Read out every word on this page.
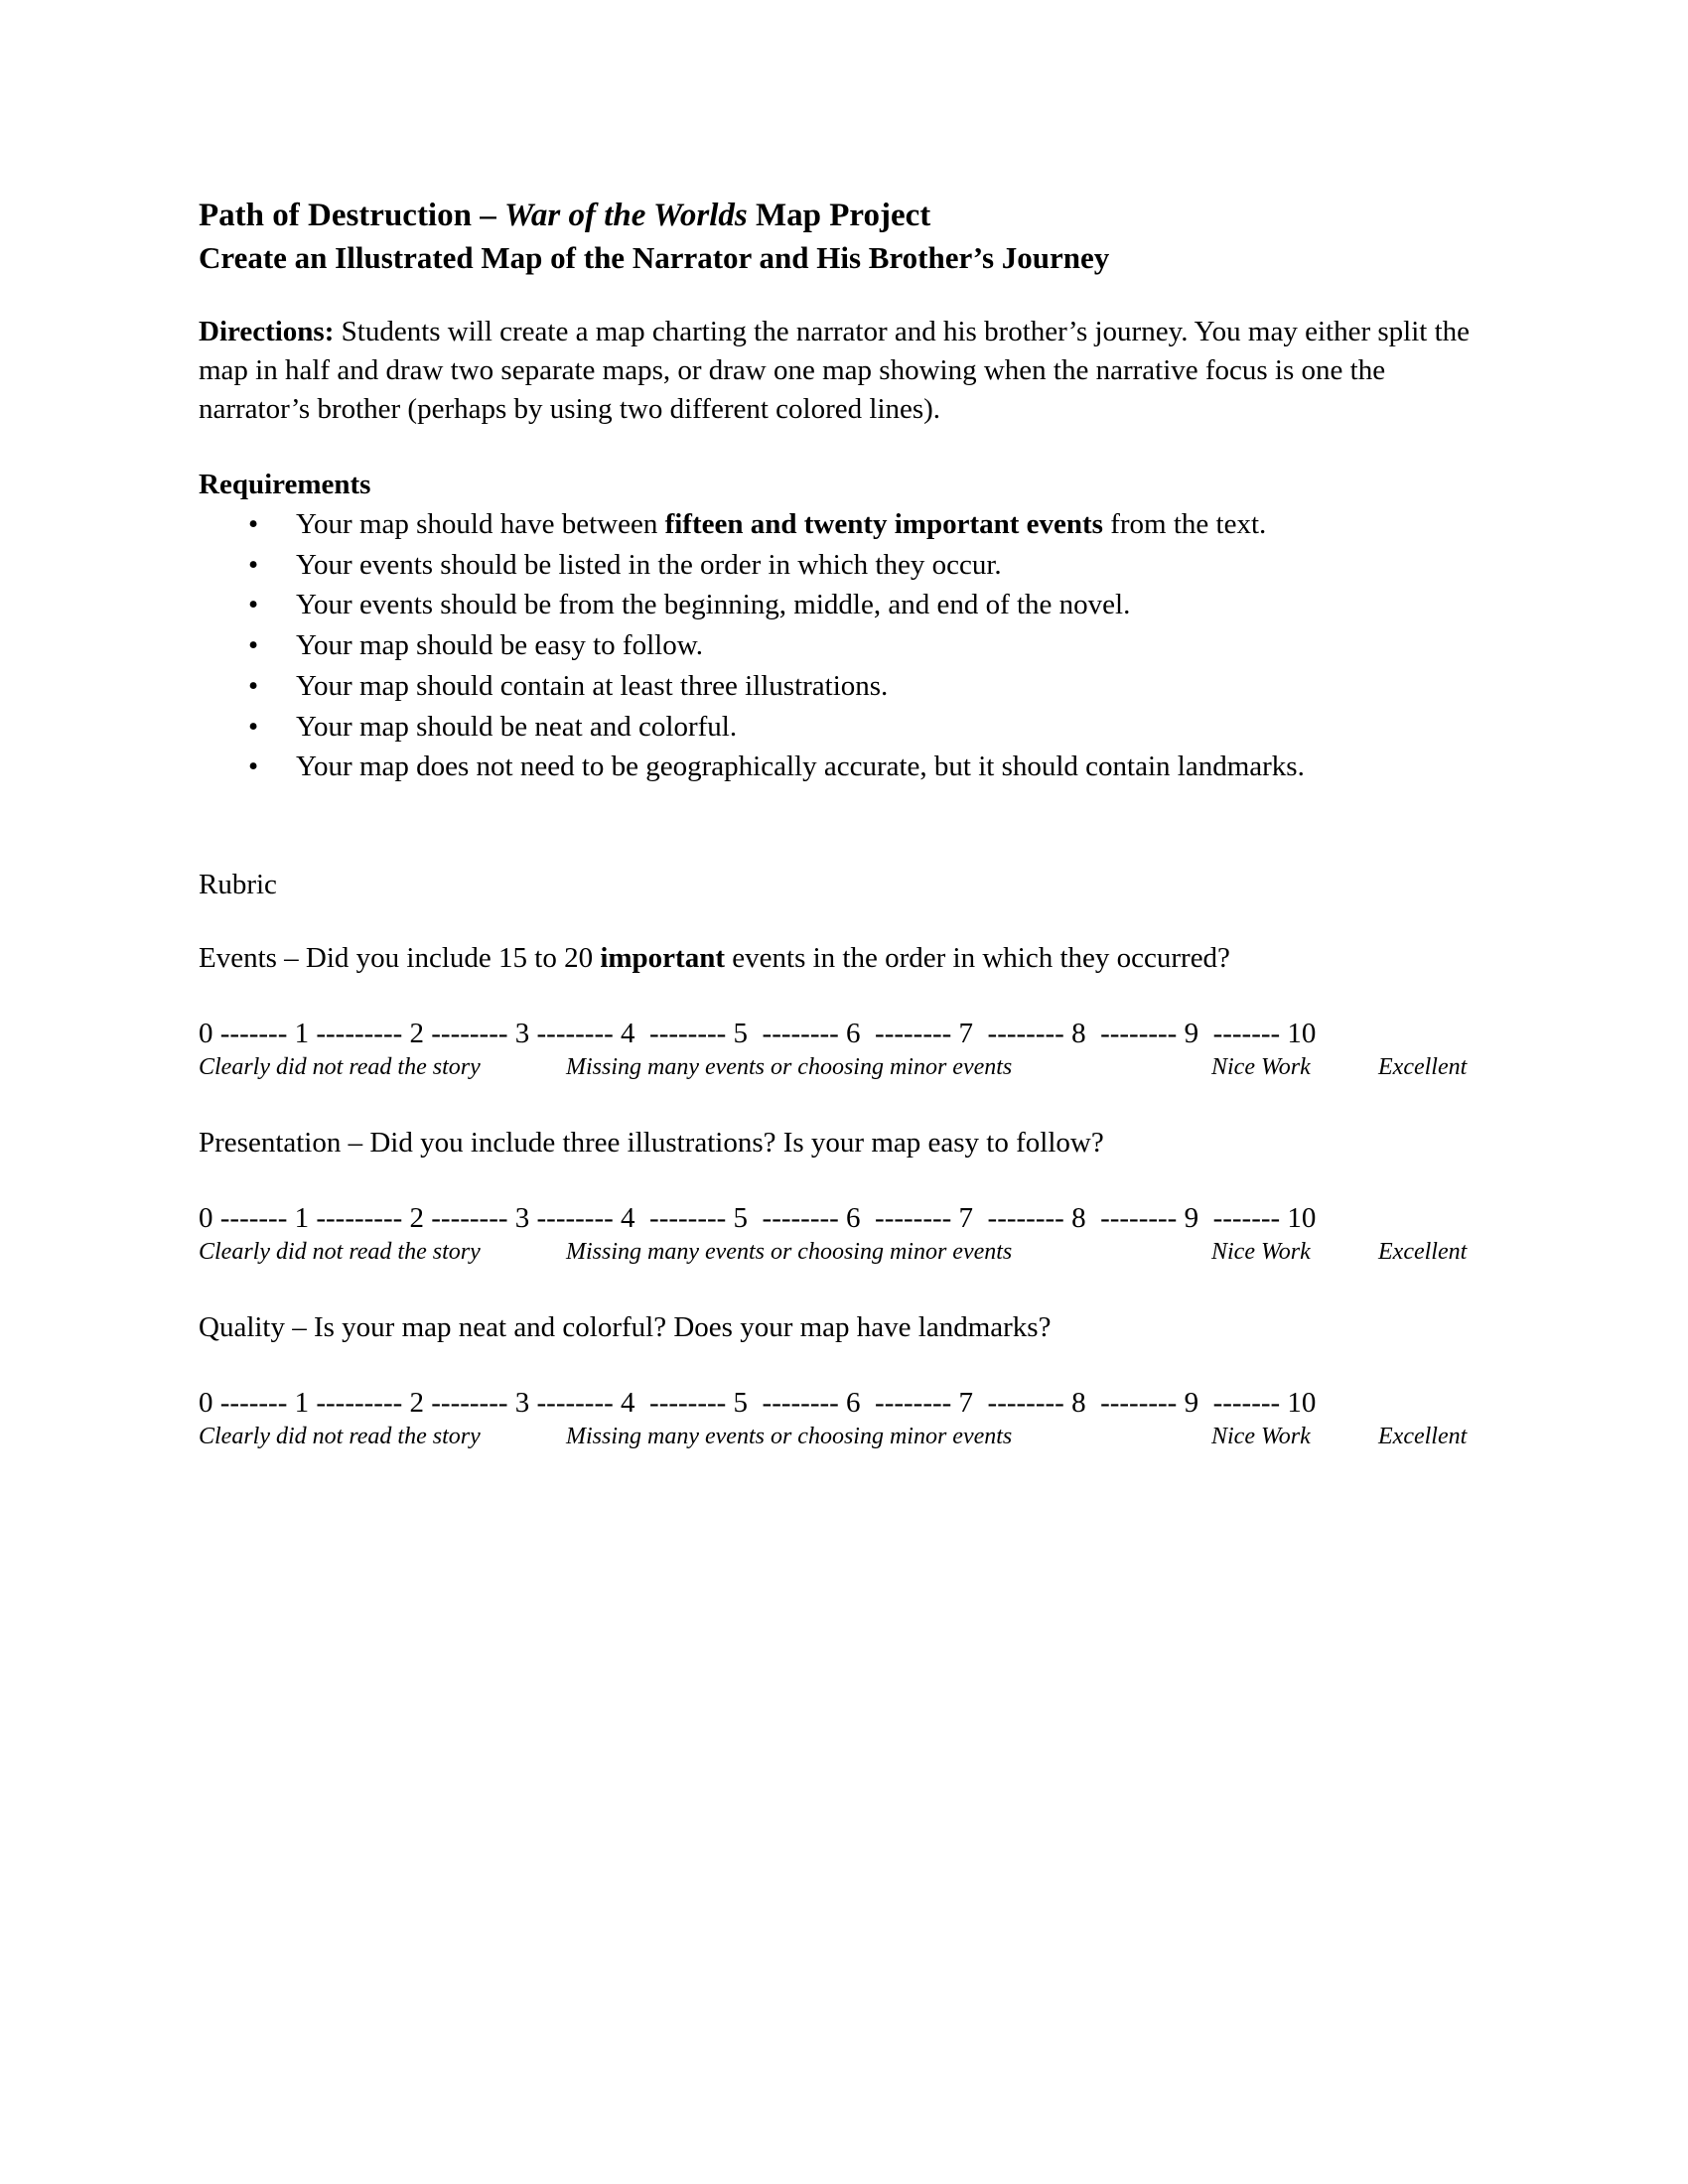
Path of Destruction – War of the Worlds Map Project
Create an Illustrated Map of the Narrator and His Brother’s Journey
Directions: Students will create a map charting the narrator and his brother’s journey. You may either split the map in half and draw two separate maps, or draw one map showing when the narrative focus is one the narrator’s brother (perhaps by using two different colored lines).
Requirements
• Your map should have between fifteen and twenty important events from the text.
• Your events should be listed in the order in which they occur.
• Your events should be from the beginning, middle, and end of the novel.
• Your map should be easy to follow.
• Your map should contain at least three illustrations.
• Your map should be neat and colorful.
• Your map does not need to be geographically accurate, but it should contain landmarks.
Rubric
Events – Did you include 15 to 20 important events in the order in which they occurred?
0 ------- 1 --------- 2 -------- 3 -------- 4  -------- 5  -------- 6  -------- 7  -------- 8  -------- 9  ------- 10
Clearly did not read the story	Missing many events or choosing minor events	Nice Work	Excellent
Presentation – Did you include three illustrations? Is your map easy to follow?
0 ------- 1 --------- 2 -------- 3 -------- 4  -------- 5  -------- 6  -------- 7  -------- 8  -------- 9  ------- 10
Clearly did not read the story	Missing many events or choosing minor events	Nice Work	Excellent
Quality – Is your map neat and colorful? Does your map have landmarks?
0 ------- 1 --------- 2 -------- 3 -------- 4  -------- 5  -------- 6  -------- 7  -------- 8  -------- 9  ------- 10
Clearly did not read the story	Missing many events or choosing minor events	Nice Work	Excellent
